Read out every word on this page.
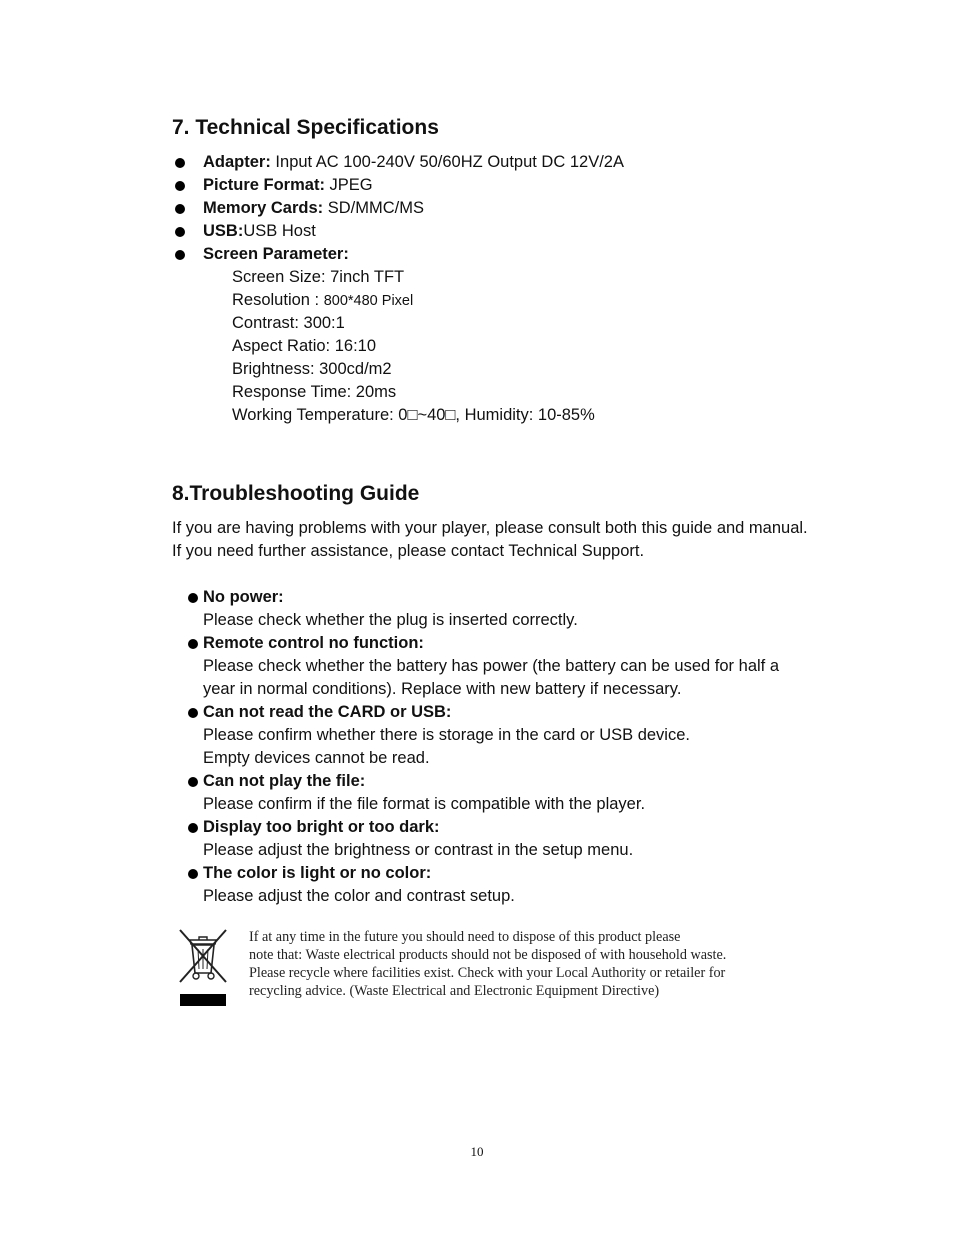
7. Technical Specifications
Adapter: Input AC 100-240V 50/60HZ Output DC 12V/2A
Picture Format: JPEG
Memory Cards: SD/MMC/MS
USB:USB Host
Screen Parameter:
Screen Size: 7inch TFT
Resolution : 800*480 Pixel
Contrast: 300:1
Aspect Ratio: 16:10
Brightness: 300cd/m2
Response Time: 20ms
Working Temperature: 0□~40□, Humidity: 10-85%
8.Troubleshooting Guide

If you are having problems with your player, please consult both this guide and manual.

If you need further assistance, please contact Technical Support.

No power:
Please check whether the plug is inserted correctly.
Remote control no function:
Please check whether the battery has power (the battery can be used for half a year in normal conditions). Replace with new battery if necessary.
Can not read the CARD or USB:
Please confirm whether there is storage in the card or USB device.
Empty devices cannot be read.
Can not play the file:
Please confirm if the file format is compatible with the player.
Display too bright or too dark:
Please adjust the brightness or contrast in the setup menu.
The color is light or no color:
Please adjust the color and contrast setup.
If at any time in the future you should need to dispose of this product please
note that: Waste electrical products should not be disposed of with household waste.
Please recycle where facilities exist. Check with your Local Authority or retailer for
recycling advice. (Waste Electrical and Electronic Equipment Directive)
10
